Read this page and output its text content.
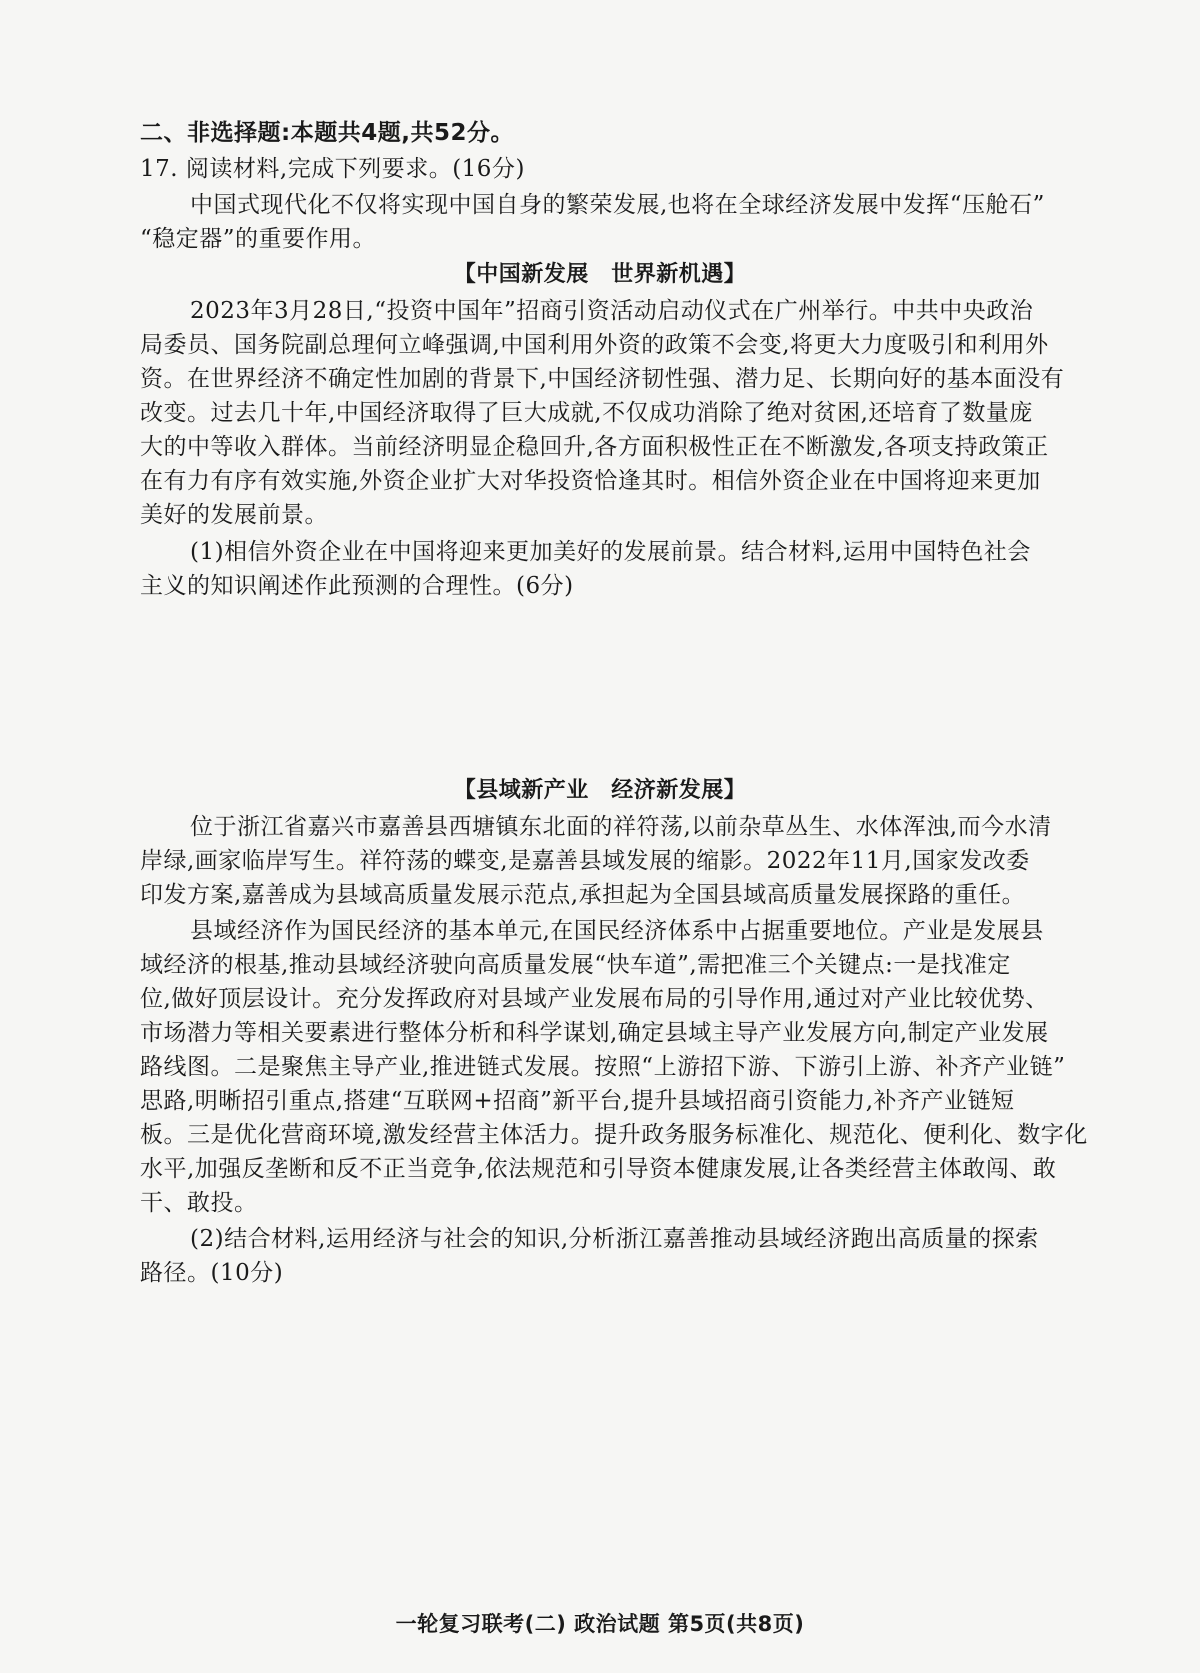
二、非选择题:本题共4题,共52分。
17. 阅读材料,完成下列要求。(16分)
中国式现代化不仅将实现中国自身的繁荣发展,也将在全球经济发展中发挥“压舱石”
“稳定器”的重要作用。
【中国新发展　世界新机遇】
2023年3月28日,“投资中国年”招商引资活动启动仪式在广州举行。中共中央政治
局委员、国务院副总理何立峰强调,中国利用外资的政策不会变,将更大力度吸引和利用外
资。在世界经济不确定性加剧的背景下,中国经济韧性强、潜力足、长期向好的基本面没有
改变。过去几十年,中国经济取得了巨大成就,不仅成功消除了绝对贫困,还培育了数量庞
大的中等收入群体。当前经济明显企稳回升,各方面积极性正在不断激发,各项支持政策正
在有力有序有效实施,外资企业扩大对华投资恰逢其时。相信外资企业在中国将迎来更加
美好的发展前景。
(1)相信外资企业在中国将迎来更加美好的发展前景。结合材料,运用中国特色社会
主义的知识阐述作此预测的合理性。(6分)
【县域新产业　经济新发展】
位于浙江省嘉兴市嘉善县西塘镇东北面的祥符荡,以前杂草丛生、水体浑浊,而今水清
岸绿,画家临岸写生。祥符荡的蝶变,是嘉善县域发展的缩影。2022年11月,国家发改委
印发方案,嘉善成为县域高质量发展示范点,承担起为全国县域高质量发展探路的重任。
县域经济作为国民经济的基本单元,在国民经济体系中占据重要地位。产业是发展县
域经济的根基,推动县域经济驶向高质量发展“快车道”,需把准三个关键点:一是找准定
位,做好顶层设计。充分发挥政府对县域产业发展布局的引导作用,通过对产业比较优势、
市场潜力等相关要素进行整体分析和科学谋划,确定县域主导产业发展方向,制定产业发展
路线图。二是聚焦主导产业,推进链式发展。按照“上游招下游、下游引上游、补齐产业链”
思路,明晰招引重点,搭建“互联网+招商”新平台,提升县域招商引资能力,补齐产业链短
板。三是优化营商环境,激发经营主体活力。提升政务服务标准化、规范化、便利化、数字化
水平,加强反垄断和反不正当竞争,依法规范和引导资本健康发展,让各类经营主体敢闯、敢
干、敢投。
(2)结合材料,运用经济与社会的知识,分析浙江嘉善推动县域经济跑出高质量的探索
路径。(10分)
一轮复习联考(二) 政治试题 第5页(共8页)
